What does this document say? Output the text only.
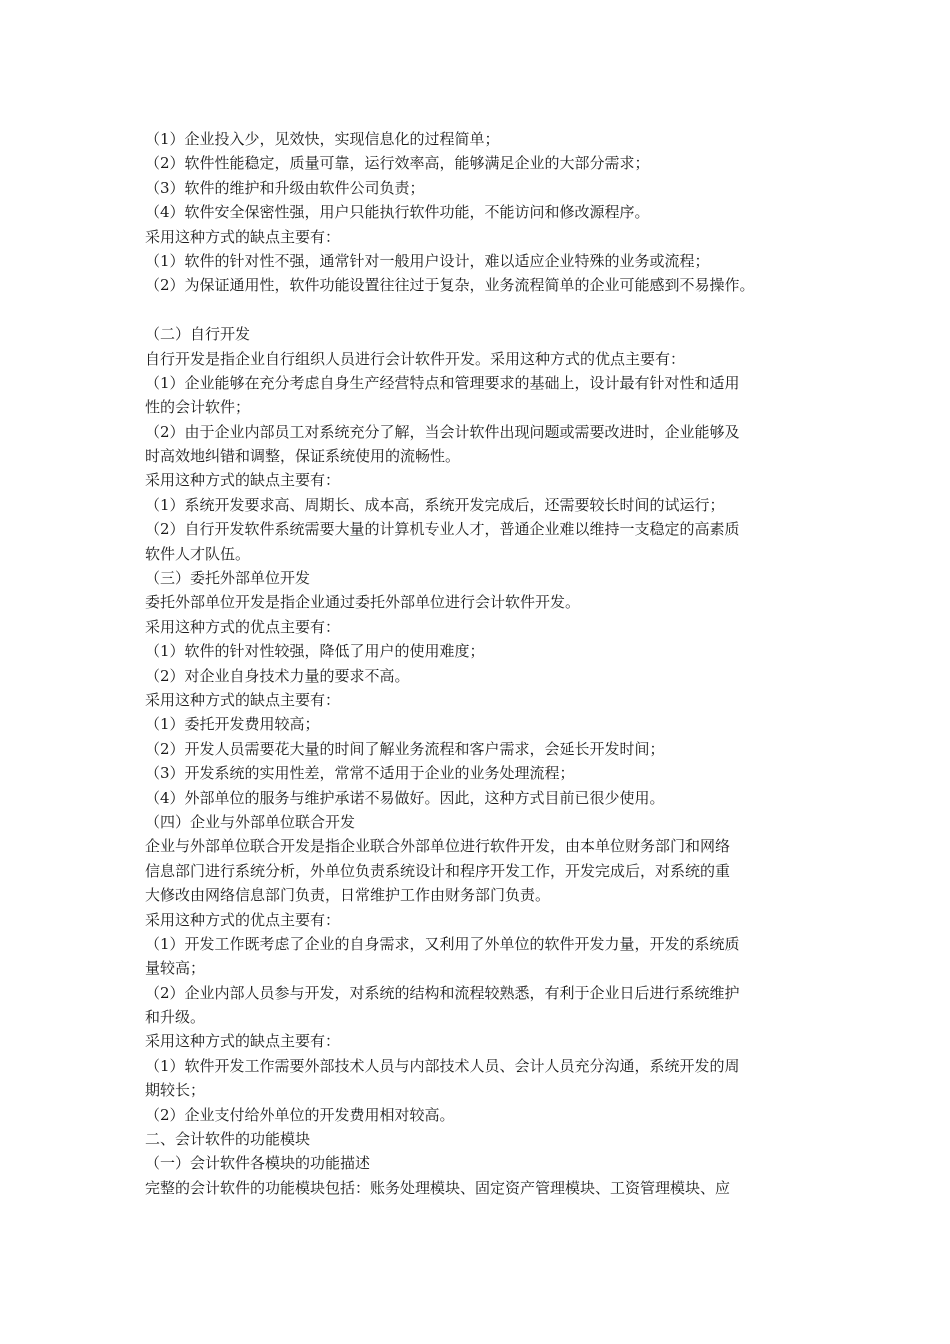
（1）企业投入少，见效快，实现信息化的过程简单；
（2）软件性能稳定，质量可靠，运行效率高，能够满足企业的大部分需求；
（3）软件的维护和升级由软件公司负责；
（4）软件安全保密性强，用户只能执行软件功能，不能访问和修改源程序。
采用这种方式的缺点主要有：
（1）软件的针对性不强，通常针对一般用户设计，难以适应企业特殊的业务或流程；
（2）为保证通用性，软件功能设置往往过于复杂，业务流程简单的企业可能感到不易操作。
（二）自行开发
自行开发是指企业自行组织人员进行会计软件开发。采用这种方式的优点主要有：
（1）企业能够在充分考虑自身生产经营特点和管理要求的基础上，设计最有针对性和适用
性的会计软件；
（2）由于企业内部员工对系统充分了解，当会计软件出现问题或需要改进时，企业能够及
时高效地纠错和调整，保证系统使用的流畅性。
采用这种方式的缺点主要有：
（1）系统开发要求高、周期长、成本高，系统开发完成后，还需要较长时间的试运行；
（2）自行开发软件系统需要大量的计算机专业人才，普通企业难以维持一支稳定的高素质
软件人才队伍。
（三）委托外部单位开发
委托外部单位开发是指企业通过委托外部单位进行会计软件开发。
采用这种方式的优点主要有：
（1）软件的针对性较强，降低了用户的使用难度；
（2）对企业自身技术力量的要求不高。
采用这种方式的缺点主要有：
（1）委托开发费用较高；
（2）开发人员需要花大量的时间了解业务流程和客户需求，会延长开发时间；
（3）开发系统的实用性差，常常不适用于企业的业务处理流程；
（4）外部单位的服务与维护承诺不易做好。因此，这种方式目前已很少使用。
（四）企业与外部单位联合开发
企业与外部单位联合开发是指企业联合外部单位进行软件开发，由本单位财务部门和网络
信息部门进行系统分析，外单位负责系统设计和程序开发工作，开发完成后，对系统的重
大修改由网络信息部门负责，日常维护工作由财务部门负责。
采用这种方式的优点主要有：
（1）开发工作既考虑了企业的自身需求，又利用了外单位的软件开发力量，开发的系统质
量较高；
（2）企业内部人员参与开发，对系统的结构和流程较熟悉，有利于企业日后进行系统维护
和升级。
采用这种方式的缺点主要有：
（1）软件开发工作需要外部技术人员与内部技术人员、会计人员充分沟通，系统开发的周
期较长；
（2）企业支付给外单位的开发费用相对较高。
二、会计软件的功能模块
（一）会计软件各模块的功能描述
完整的会计软件的功能模块包括：账务处理模块、固定资产管理模块、工资管理模块、应
